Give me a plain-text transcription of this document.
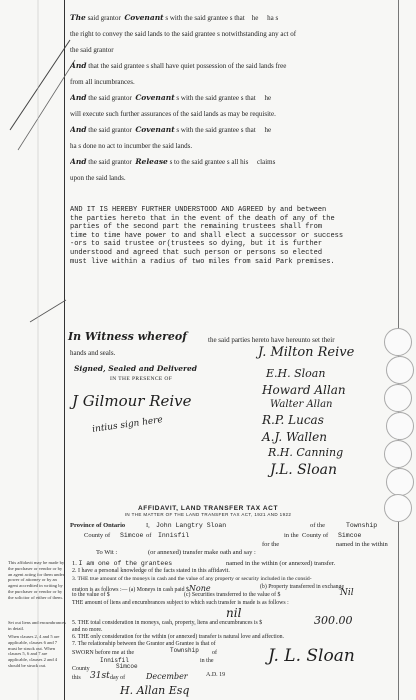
The said grantor Covenant s with the said grantee s that he ha s
the right to convey the said lands to the said grantee s notwithstanding any act of
the said grantor
And that the said grantee s shall have quiet possession of the said lands free
from all incumbrances.
And the said grantor Covenant s with the said grantee s that he
will execute such further assurances of the said lands as may be requisite.
And the said grantor Covenant s with the said grantee s that he
ha s done no act to incumber the said lands.
And the said grantor Release s to the said grantee s all his claims
upon the said lands.
AND IT IS HEREBY FURTHER UNDERSTOOD AND AGREED by and between
the parties hereto that in the event of the death of any of the
parties of the second part the remaining trustees shall from
time to time have power to and shall elect a successor or success
-ors to said trustee or(trustees so dying, but it is further
understood and agreed that such person or persons so elected
must live within a radius of two miles from said Park premises.
In Witness whereof	the said parties hereto have hereunto set their
hands and seals.
Signed, Sealed and Delivered
IN THE PRESENCE OF
J Gilmour Reive
intius sign here
J. Milton Reive
E.H. Sloan
Howard Allan
Walter Allan
R.P. Lucas
A.J. Wallen
R.H. Canning
J.L. Sloan
AFFIDAVIT, LAND TRANSFER TAX ACT
IN THE MATTER OF THE LAND TRANSFER TAX ACT, 1921 AND 1922
Province of Ontario
County of Simcoe
I, John Langtry Sloan	of the	Township
of Innisfil	in the County of Simcoe
for the	named in the within
To Wit :	(or annexed) transfer make oath and say :
1. I am one of the grantees	named in the within (or annexed) transfer.
2. I have a personal knowledge of the facts stated in this affidavit.
3. THE true amount of the moneys in cash and the value of any property or security included in the consid-
eration is as follows :— (a) Moneys in cash paid $None	(b) Property transferred in exchange
to the value of $	(c) Securities transferred to the value of $	Nil
THE amount of liens and encumbrances subject to which such transfer is made is as follows :
nil
5. THE total consideration in moneys, cash, property, liens and encumbrances is $	300.00
and no more.
6. THE only consideration for the within (or annexed) transfer is natural love and affection.
7. The relationship between the Grantor and Grantee is that of
SWORN before me at the	Township of
Innisfil	in the
County	Simcoe
this 31st day of	December	A.D. 19
H. Allan Esq
J. L. Sloan
This affidavit may be made by the purchaser or vendor or by an agent acting for them under power of attorney or by an agent accredited in writing by the purchaser or vendor or by the solicitor of either of them.
Set out liens and encumbrances in detail.
When clauses 2, 4 and 5 are applicable, clauses 6 and 7 must be struck out. When clauses 5, 6 and 7 are applicable, clauses 2 and 4 should be struck out.
